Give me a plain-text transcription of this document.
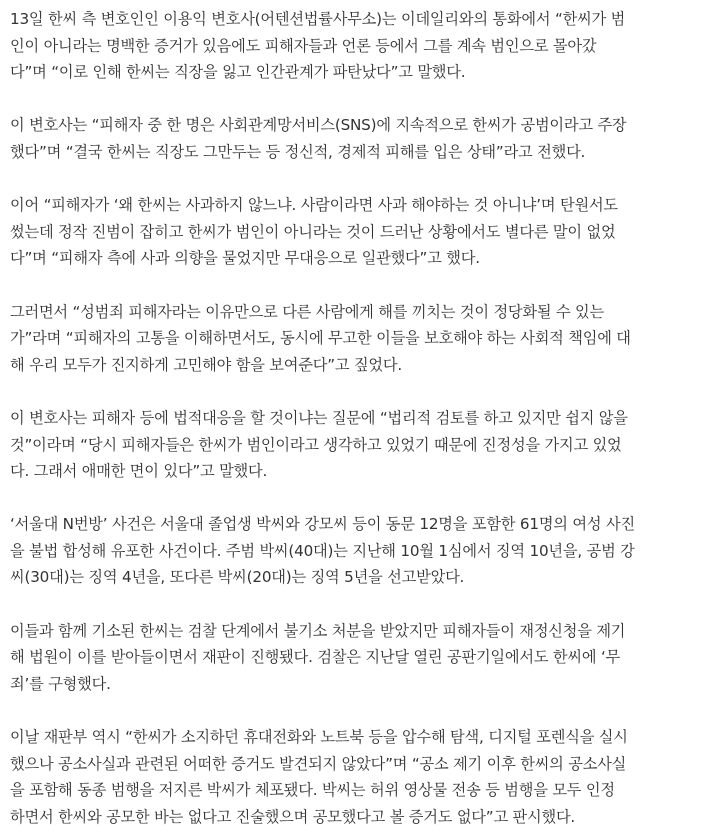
13일 한씨 측 변호인인 이용익 변호사(어텐션법률사무소)는 이데일리와의 통화에서 “한씨가 범
인이 아니라는 명백한 증거가 있음에도 피해자들과 언론 등에서 그를 계속 범인으로 몰아갔
다”며 “이로 인해 한씨는 직장을 잃고 인간관계가 파탄났다”고 말했다.

이 변호사는 “피해자 중 한 명은 사회관계망서비스(SNS)에 지속적으로 한씨가 공범이라고 주장
했다”며 “결국 한씨는 직장도 그만두는 등 정신적, 경제적 피해를 입은 상태”라고 전했다.

이어 “피해자가 ‘왜 한씨는 사과하지 않느냐. 사람이라면 사과 해야하는 것 아니냐’며 탄원서도
썼는데 정작 진범이 잡히고 한씨가 범인이 아니라는 것이 드러난 상황에서도 별다른 말이 없었
다”며 “피해자 측에 사과 의향을 물었지만 무대응으로 일관했다”고 했다.

그러면서 “성범죄 피해자라는 이유만으로 다른 사람에게 해를 끼치는 것이 정당화될 수 있는
가”라며 “피해자의 고통을 이해하면서도, 동시에 무고한 이들을 보호해야 하는 사회적 책임에 대
해 우리 모두가 진지하게 고민해야 함을 보여준다”고 짚었다.

이 변호사는 피해자 등에 법적대응을 할 것이냐는 질문에 “법리적 검토를 하고 있지만 쉽지 않을
것”이라며 “당시 피해자들은 한씨가 범인이라고 생각하고 있었기 때문에 진정성을 가지고 있었
다. 그래서 애매한 면이 있다”고 말했다.

‘서울대 N번방’ 사건은 서울대 졸업생 박씨와 강모씨 등이 동문 12명을 포함한 61명의 여성 사진
을 불법 합성해 유포한 사건이다. 주범 박씨(40대)는 지난해 10월 1심에서 징역 10년을, 공범 강
씨(30대)는 징역 4년을, 또다른 박씨(20대)는 징역 5년을 선고받았다.

이들과 함께 기소된 한씨는 검찰 단계에서 불기소 처분을 받았지만 피해자들이 재정신청을 제기
해 법원이 이를 받아들이면서 재판이 진행됐다. 검찰은 지난달 열린 공판기일에서도 한씨에 ‘무
죄’를 구형했다.

이날 재판부 역시 “한씨가 소지하던 휴대전화와 노트북 등을 압수해 탐색, 디지털 포렌식을 실시
했으나 공소사실과 관련된 어떠한 증거도 발견되지 않았다”며 “공소 제기 이후 한씨의 공소사실
을 포함해 동종 범행을 저지른 박씨가 체포됐다. 박씨는 허위 영상물 전송 등 범행을 모두 인정
하면서 한씨와 공모한 바는 없다고 진술했으며 공모했다고 볼 증거도 없다”고 판시했다.
